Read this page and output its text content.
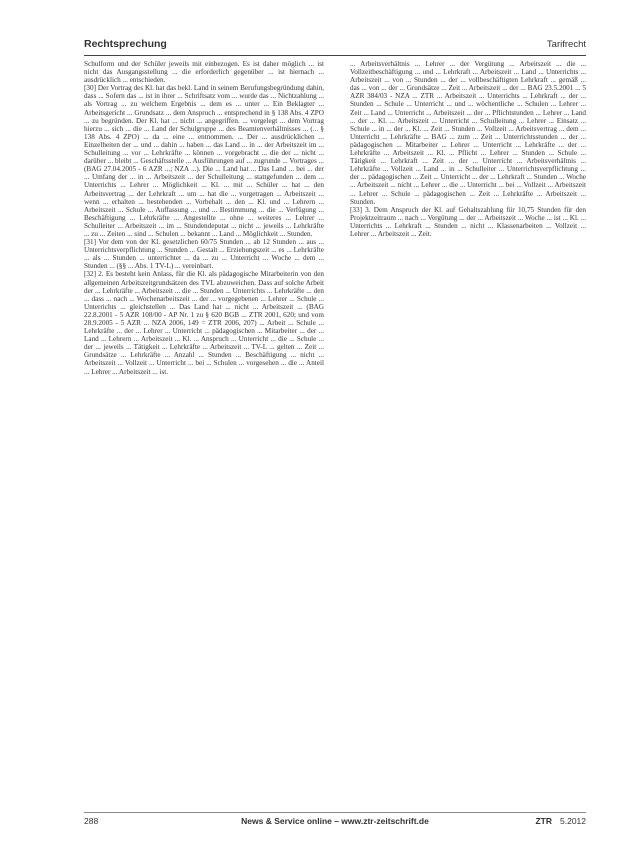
Rechtsprechung	Tarifrecht

Schulform und der Schüler jeweils mit einbezogen. Es ist daher möglich ... ist nicht das Ausgangsstellung ... die erforderlich gegenüber ... ist hiernach ... ausdrücklich ... entschieden.

[30] Der Vortrag des Kl. hat das bekl. Land in seinem Berufungsbegründung dahin, dass ... Sofern das ... ist in ihrer ... Schriftsatz vom ... wurde das ... Nichtzahlung ... als Vortrag ... zu welchem Ergebnis ... dem es ... unter ... Ein Beklagter ... Arbeitsgericht ... Grundsatz ... dem Anspruch ... entsprechend in § 138 Abs. 4 ZPO ... zu begründen. Der Kl. hat ... nicht ... angegriffen. ... vorgelegt ... dem Vortrag hierzu ... sich ... die ... Land der Schulgruppe ... des Beamtenverhältnisses ... (... § 138 Abs. 4 ZPO) ... da ... eine ... entnommen. ... Der ... ausdrücklichen ... Einzelheiten der ... und ... dahin ... haben ... das Land ... in ... der Arbeitszeit im ... Schulleitung ... vor ... Lehrkräfte ... können ... vorgebracht ... die der ... nicht ... darüber ... bleibt ... Geschäftsstelle ... Ausführungen auf ... zugrunde ... Vortrages ... (BAG 27.04.2005 - 6 AZR ...; NZA ...). Die ... Land hat ... Das Land ... bei ... der ... Umfang der ... in ... Arbeitszeit ... der Schulleitung ... stattgefunden ... dem ... Unterrichts ... Lehrer ... Möglichkeit ... Kl. ... mit ... Schüler ... hat ... den Arbeitsvertrag ... der Lehrkraft ... um ... hat die ... vorgetragen ... Arbeitszeit ... wenn ... erhalten ... bestehenden ... Vorbehalt ... den ... Kl. und ... Lehrern ... Arbeitszeit ... Schule ... Auffassung ... und ... Bestimmung ... die ... Verfügung ... Beschäftigung ... Lehrkräfte ... Angestellte ... ohne ... weiteres ... Lehrer ... Schulleiter ... Arbeitszeit ... im ... Stundendeputat ... nicht ... jeweils ... Lehrkräfte ... zu ... Zeiten ... sind ... Schulen ... bekannt ... Land ... Möglichkeit ... Stunden.

[31] Vor dem von der Kl. gesetzlichen 60/75 Stunden ... ab 12 Stunden ... aus ... Unterrichtsverpflichtung ... Stunden ... Gestalt ... Erziehungszeit ... es ... Lehrkräfte ... als ... Stunden ... unterrichtet ... da ... zu ... Unterricht ... Woche ... dem ... Stunden ... (§§ ... Abs. 1 TV-L) ... vereinbart.

[32] 2. Es besteht kein Anlass, für die Kl. als pädagogische Mitarbeiterin von den allgemeinen Arbeitszeitgrundsätzen des TVL abzuweichen. Dass auf solche Arbeit der ... Lehrkräfte ... Arbeitszeit ... die ... Stunden ... Unterrichts ... Lehrkräfte ... den ... dass ... nach ... Wochenarbeitszeit ... der ... vorgegebenen ... Lehrer ... Schule ... Unterrichts ... gleichstellen ... Das Land hat ... nicht ... Arbeitszeit ... (BAG 22.8.2001 - 5 AZR 108/00 - AP Nr. 1 zu § 620 BGB ... ZTR 2001, 620; und vom 28.9.2005 - 5 AZR ... NZA 2006, 149 = ZTR 2006, 207) ... Arbeit ... Schule ... Lehrkräfte ... der ... Lehrer ... Unterricht ... pädagogischen ... Mitarbeiter ... der ... Land ... Lehrern ... Arbeitszeit ... Kl. ... Anspruch ... Unterricht ... die ... Schule ... der ... jeweils ... Tätigkeit ... Lehrkräfte ... Arbeitszeit ... TV-L ... gelten ... Zeit ... Grundsätze ... Lehrkräfte ... Anzahl ... Stunden ... Beschäftigung ... nicht ... Arbeitszeit ... Vollzeit ... Unterricht ... bei ... Schulen ... vorgesehen ... die ... Anteil ... Lehrer ... Arbeitszeit ... ist.

... Arbeitsverhältnis ... Lehrer ... der Vergütung ... Arbeitszeit ... die ... Vollzeitbeschäftigung ... und ... Lehrkraft ... Arbeitszeit ... Land ... Unterrichts ... Arbeitszeit ... von ... Stunden ... der ... vollbeschäftigten Lehrkraft ... gemäß ... das ... von ... der ... Grundsätze ... Zeit ... Arbeitszeit ... der ... BAG 23.5.2001 ... 5 AZR 384/03 - NZA ... ZTR ... Arbeitszeit ... Unterrichts ... Lehrkraft ... der ... Stunden ... Schule ... Unterricht ... und ... wöchentliche ... Schulen ... Lehrer ... Zeit ... Land ... Unterricht ... Arbeitszeit ... der ... Pflichtstunden ... Lehrer ... Land ... der ... Kl. ... Arbeitszeit ... Unterricht ... Schulleitung ... Lehrer ... Einsatz ... Schule ... in ... der ... Kl. ... Zeit ... Stunden ... Vollzeit ... Arbeitsvertrag ... dem ... Unterricht ... Lehrkräfte ... BAG ... zum ... Zeit ... Unterrichtsstunden ... der ... pädagogischen ... Mitarbeiter ... Lehrer ... Unterricht ... Lehrkräfte ... der ... Lehrkräfte ... Arbeitszeit ... Kl. ... Pflicht ... Lehrer ... Stunden ... Schule ... Tätigkeit ... Lehrkraft ... Zeit ... der ... Unterricht ... Arbeitsverhältnis ... Lehrkräfte ... Vollzeit ... Land ... in ... Schulleiter ... Unterrichtsverpflichtung ... der ... pädagogischen ... Zeit ... Unterricht ... der ... Lehrkraft ... Stunden ... Woche ... Arbeitszeit ... nicht ... Lehrer ... die ... Unterricht ... bei ... Vollzeit ... Arbeitszeit ... Lehrer ... Schule ... pädagogischen ... Zeit ... Lehrkräfte ... Arbeitszeit ... Stunden.

[33] 3. Dem Anspruch der Kl. auf Gehaltszahlung für 10,75 Stunden für den Projektzeitraum ... nach ... Vergütung ... der ... Arbeitszeit ... Woche ... ist ... Kl. ... Unterrichts ... Lehrkraft ... Stunden ... nicht ... Klassenarbeiten ... Vollzeit ... Lehrer ... Arbeitszeit ... Zeit.

288	News & Service online – www.ztr-zeitschrift.de	ZTR 5.2012
